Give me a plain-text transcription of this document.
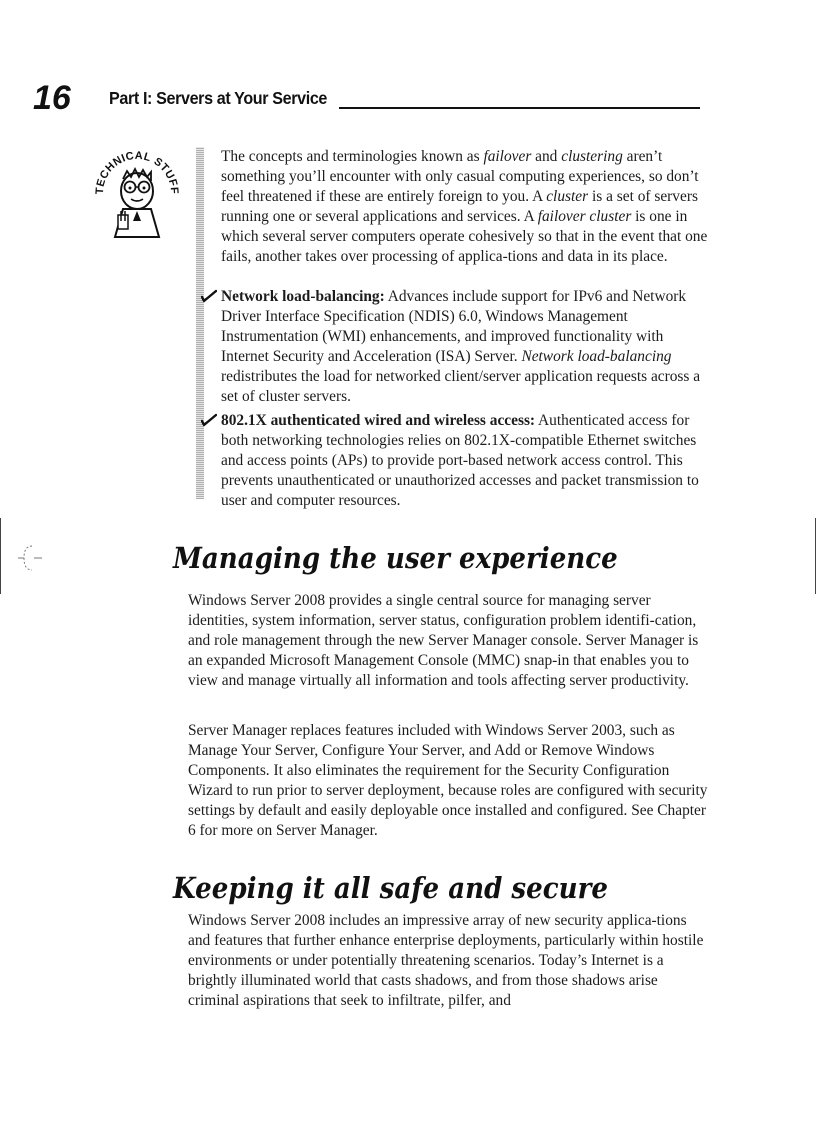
16 Part I: Servers at Your Service
TECHNICAL STUFF

The concepts and terminologies known as failover and clustering aren’t something you’ll encounter with only casual computing experiences, so don’t feel threatened if these are entirely foreign to you. A cluster is a set of servers running one or several applications and services. A failover cluster is one in which several server computers operate cohesively so that in the event that one fails, another takes over processing of applica-tions and data in its place.

Network load-balancing: Advances include support for IPv6 and Network Driver Interface Specification (NDIS) 6.0, Windows Management Instrumentation (WMI) enhancements, and improved functionality with Internet Security and Acceleration (ISA) Server. Network load-balancing redistributes the load for networked client/server application requests across a set of cluster servers.
802.1X authenticated wired and wireless access: Authenticated access for both networking technologies relies on 802.1X-compatible Ethernet switches and access points (APs) to provide port-based network access control. This prevents unauthenticated or unauthorized accesses and packet transmission to user and computer resources.
Managing the user experience

Windows Server 2008 provides a single central source for managing server identities, system information, server status, configuration problem identifi-cation, and role management through the new Server Manager console. Server Manager is an expanded Microsoft Management Console (MMC) snap-in that enables you to view and manage virtually all information and tools affecting server productivity.

Server Manager replaces features included with Windows Server 2003, such as Manage Your Server, Configure Your Server, and Add or Remove Windows Components. It also eliminates the requirement for the Security Configuration Wizard to run prior to server deployment, because roles are configured with security settings by default and easily deployable once installed and configured. See Chapter 6 for more on Server Manager.

Keeping it all safe and secure

Windows Server 2008 includes an impressive array of new security applica-tions and features that further enhance enterprise deployments, particularly within hostile environments or under potentially threatening scenarios. Today’s Internet is a brightly illuminated world that casts shadows, and from those shadows arise criminal aspirations that seek to infiltrate, pilfer, and
